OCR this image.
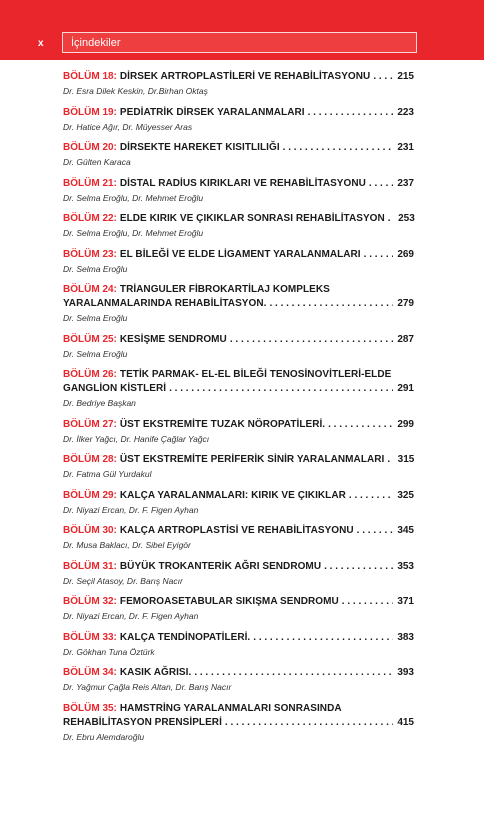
x İçindekiler
BÖLÜM 18: DİRSEK ARTROPLASTİLERİ VE REHABİLİTASYONU . . .	215
Dr. Esra Dilek Keskin, Dr.Birhan Oktaş
BÖLÜM 19: PEDİATRİK DİRSEK YARALANMALARI . . .	223
Dr. Hatice Ağır, Dr. Müyesser Aras
BÖLÜM 20: DİRSEKTE HAREKET KISITLILIĞI . . .	231
Dr. Gülten Karaca
BÖLÜM 21: DİSTAL RADİUS KIRIKLARI VE REHABİLİTASYONU . . .	237
Dr. Selma Eroğlu, Dr. Mehmet Eroğlu
BÖLÜM 22: ELDE KIRIK VE ÇIKIKLAR SONRASI REHABİLİTASYON . . . 253
Dr. Selma Eroğlu, Dr. Mehmet Eroğlu
BÖLÜM 23: EL BİLEĞİ VE ELDE LİGAMENT YARALANMALARI . . .	269
Dr. Selma Eroğlu
BÖLÜM 24: TRİANGULER FİBROKARTİLAJ KOMPLEKS
YARALANMALARINDA REHABİLİTASYON. . . .	279
Dr. Selma Eroğlu
BÖLÜM 25: KESİŞME SENDROMU . . .	287
Dr. Selma Eroğlu
BÖLÜM 26: TETİK PARMAK- EL-EL BİLEĞİ TENOSİNOVİTLERİ-ELDE
GANGLİON KİSTLERİ . . .	291
Dr. Bedriye Başkan
BÖLÜM 27: ÜST EKSTREMİTE TUZAK NÖROPATİLERİ. . . .	299
Dr. İlker Yağcı, Dr. Hanife Çağlar Yağcı
BÖLÜM 28: ÜST EKSTREMİTE PERİFERİK SİNİR YARALANMALARI . . . 315
Dr. Fatma Gül Yurdakul
BÖLÜM 29: KALÇA YARALANMALARI: KIRIK VE ÇIKIKLAR . . .	325
Dr. Niyazi Ercan, Dr. F. Figen Ayhan
BÖLÜM 30: KALÇA ARTROPLASTİSİ VE REHABİLİTASYONU . . .	345
Dr. Musa Baklacı, Dr. Sibel Eyigör
BÖLÜM 31: BÜYÜK TROKANTERİK AĞRI SENDROMU . . .	353
Dr. Seçil Atasoy, Dr. Barış Nacır
BÖLÜM 32: FEMOROASETABULAR SIKIŞMA SENDROMU . . .	371
Dr. Niyazi Ercan, Dr. F. Figen Ayhan
BÖLÜM 33: KALÇA TENDİNOPATİLERİ. . . .	383
Dr. Gökhan Tuna Öztürk
BÖLÜM 34: KASIK AĞRISI. . . .	393
Dr. Yağmur Çağla Reis Altan, Dr. Barış Nacır
BÖLÜM 35: HAMSTRİNG YARALANMALARI SONRASINDA
REHABİLİTASYON PRENSİPLERİ . . .	415
Dr. Ebru Alemdaroğlu
